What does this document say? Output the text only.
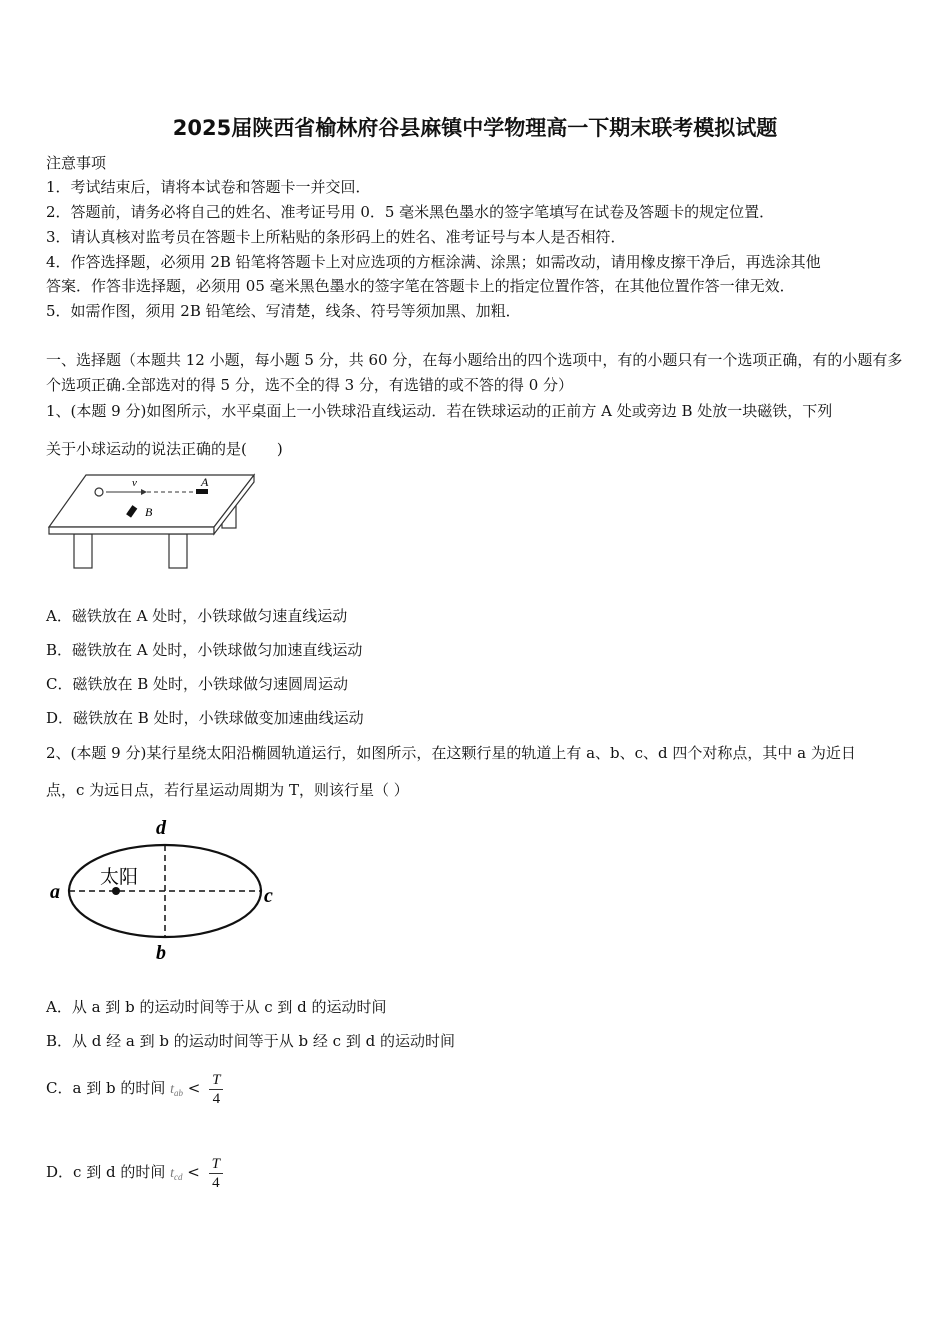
2025届陕西省榆林府谷县麻镇中学物理高一下期末联考模拟试题
注意事项
1．考试结束后，请将本试卷和答题卡一并交回．
2．答题前，请务必将自己的姓名、准考证号用 0．5 毫米黑色墨水的签字笔填写在试卷及答题卡的规定位置．
3．请认真核对监考员在答题卡上所粘贴的条形码上的姓名、准考证号与本人是否相符．
4．作答选择题，必须用 2B 铅笔将答题卡上对应选项的方框涂满、涂黑；如需改动，请用橡皮擦干净后，再选涂其他
答案．作答非选择题，必须用 05 毫米黑色墨水的签字笔在答题卡上的指定位置作答，在其他位置作答一律无效．
5．如需作图，须用 2B 铅笔绘、写清楚，线条、符号等须加黑、加粗．
一、选择题（本题共 12 小题，每小题 5 分，共 60 分，在每小题给出的四个选项中，有的小题只有一个选项正确，有的小题有多个选项正确.全部选对的得 5 分，选不全的得 3 分，有选错的或不答的得 0 分）
1、(本题 9 分)如图所示，水平桌面上一小铁球沿直线运动．若在铁球运动的正前方 A 处或旁边 B 处放一块磁铁，下列
关于小球运动的说法正确的是(　　)
v	A
B
A．磁铁放在 A 处时，小铁球做匀速直线运动
B．磁铁放在 A 处时，小铁球做匀加速直线运动
C．磁铁放在 B 处时，小铁球做匀速圆周运动
D．磁铁放在 B 处时，小铁球做变加速曲线运动
2、(本题 9 分)某行星绕太阳沿椭圆轨道运行，如图所示，在这颗行星的轨道上有 a、b、c、d 四个对称点，其中 a 为近日
点，c 为远日点，若行星运动周期为 T，则该行星（ ）
太阳
a	c
d
b
A．从 a 到 b 的运动时间等于从 c 到 d 的运动时间
B．从 d 经 a 到 b 的运动时间等于从 b 经 c 到 d 的运动时间
C．a 到 b 的时间 $t_{ab} < \frac{T}{4}$
D．c 到 d 的时间 $t_{cd} < \frac{T}{4}$
